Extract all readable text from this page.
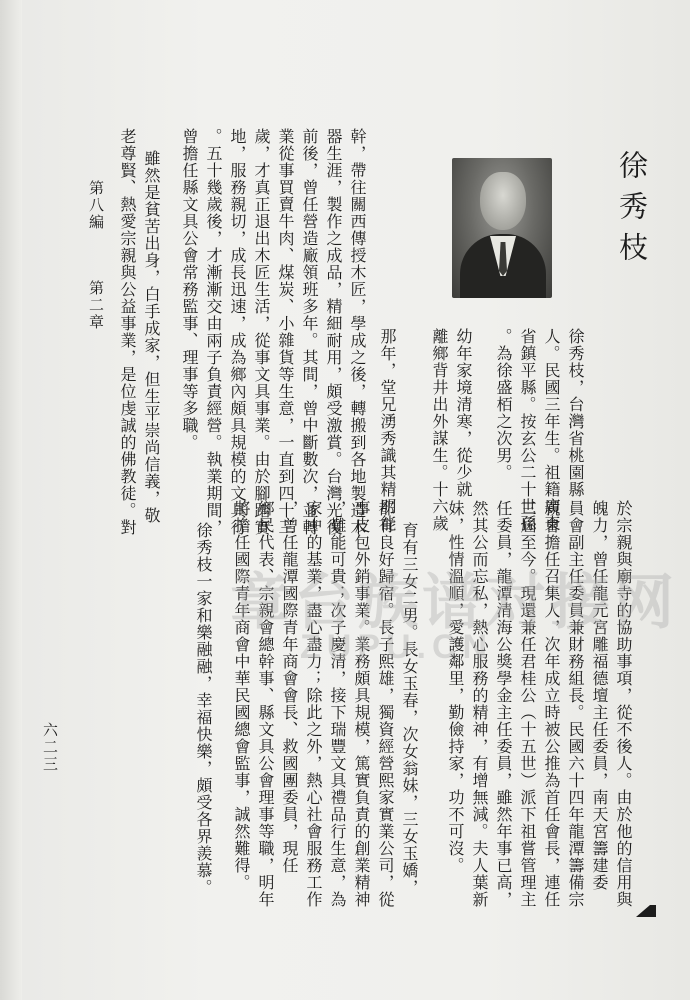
徐秀枝
徐秀枝，台灣省桃園縣
人。民國三年生。祖籍廣東
省鎮平縣。按玄公二十世孫
。為徐盛栢之次男。
幼年家境清寒，從少就
離鄉背井出外謀生。十六歲
那年，堂兄湧秀識其精明能
幹，帶往關西傳授木匠，學成之後，轉搬到各地製造木
器生涯，製作之成品，精細耐用，頗受激賞。台灣光復
前後，曾任營造廠領班多年。其間，曾中斷數次，並轉
業從事買賣牛肉、煤炭、小雜貨等生意，一直到四十三
歲，才真正退出木匠生活，從事文具事業。由於腳踏實
地，服務親切，成長迅速，成為鄉內頗具規模的文具行
。五十幾歲後，才漸漸交由兩子負責經營。執業期間，
曾擔任縣文具公會常務監事、理事等多職。
雖然是貧苦出身，白手成家，但生平崇尚信義，敬
老尊賢、熱愛宗親與公益事業，是位虔誠的佛教徒。對
第八編
第二章
於宗親與廟寺的協助事項，從不後人。由於他的信用與
魄力，曾任龍元宮雕福德壇主任委員，南天宮籌建委
員會副主任委員兼財務組長。民國六十四年龍潭籌備宗
親會擔任召集人，次年成立時被公推為首任會長，連任
三屆至今。現還兼任君桂公（十五世）派下祖嘗管理主
任委員，龍潭清海公獎學金主任委員，雖然年事已高，
然其公而忘私，熱心服務的精神，有增無減。夫人葉新
妹，性情溫順，愛護鄰里，勤儉持家，功不可沒。
育有三女二男。長女玉春，次女翁妹，三女玉嬌，
都有良好歸宿。長子熙雄，獨資經營熙家實業公司，從
事皮包外銷事業。業務頗具規模，篤實負責的創業精神
，難能可貴；次子慶清，接下瑞豐文具禮品行生意，為
家中的基業，盡心盡力；除此之外，熱心社會服務工作
，曾任龍潭國際青年商會會長、救國團委員，現任
鄉民代表、宗親會總幹事、縣文具公會理事等職，明年
將擔任國際青年商會中華民國總會監事，誠然難得。
徐秀枝一家和樂融融，幸福快樂，頗受各界羨慕。
六二三
章台族谱对接网
ZUPU.CN
